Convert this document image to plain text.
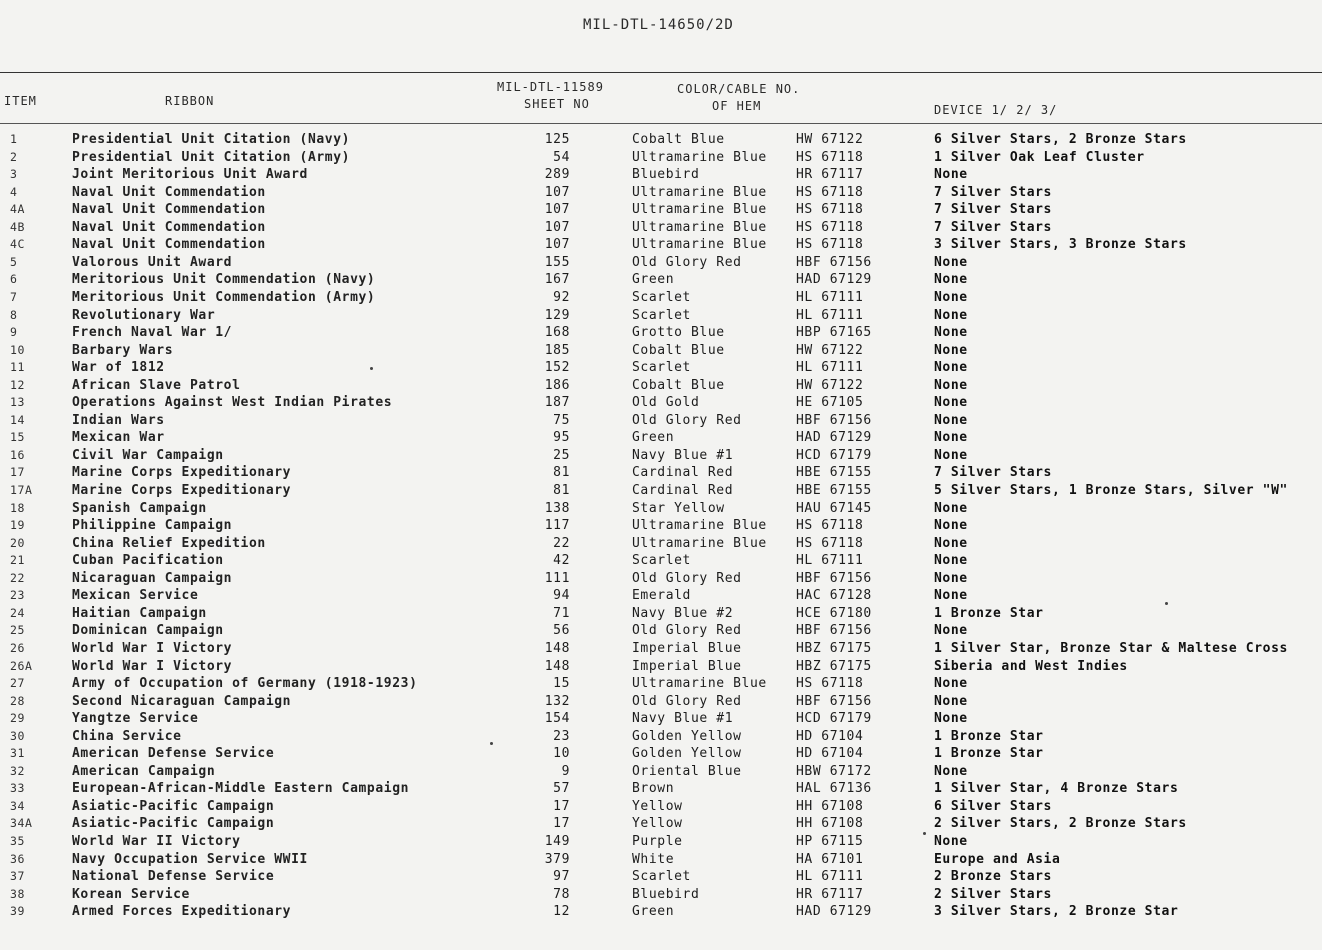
MIL-DTL-14650/2D
ITEM	RIBBON
MIL-DTL-11589
SHEET NO
COLOR/CABLE NO.
OF HEM	DEVICE 1/ 2/ 3/
1	Presidential Unit Citation (Navy)	125	Cobalt Blue	HW 67122	6 Silver Stars, 2 Bronze Stars
2	Presidential Unit Citation (Army)	54	Ultramarine Blue HS 67118	1 Silver Oak Leaf Cluster
3	Joint Meritorious Unit Award	289	Bluebird	HR 67117	None
4	Naval Unit Commendation	107	Ultramarine Blue HS 67118	7 Silver Stars
4A	Naval Unit Commendation	107	Ultramarine Blue HS 67118	7 Silver Stars
4B	Naval Unit Commendation	107	Ultramarine Blue HS 67118	7 Silver Stars
4C	Naval Unit Commendation	107	Ultramarine Blue HS 67118	3 Silver Stars, 3 Bronze Stars
5	Valorous Unit Award	155	Old Glory Red	HBF 67156	None
6	Meritorious Unit Commendation (Navy)	167	Green	HAD 67129	None
7	Meritorious Unit Commendation (Army)	92	Scarlet	HL 67111	None
8	Revolutionary War	129	Scarlet	HL 67111	None
9	French Naval War 1/	168	Grotto Blue	HBP 67165	None
10	Barbary Wars	185	Cobalt Blue	HW 67122	None
11	War of 1812	152	Scarlet	HL 67111	None
12	African Slave Patrol	186	Cobalt Blue	HW 67122	None
13	Operations Against West Indian Pirates	187	Old Gold	HE 67105	None
14	Indian Wars	75	Old Glory Red	HBF 67156	None
15	Mexican War	95	Green	HAD 67129	None
16	Civil War Campaign	25	Navy Blue #1	HCD 67179	None
17	Marine Corps Expeditionary	81	Cardinal Red	HBE 67155	7 Silver Stars
17A	Marine Corps Expeditionary	81	Cardinal Red	HBE 67155	5 Silver Stars, 1 Bronze Stars, Silver "W"
18	Spanish Campaign	138	Star Yellow	HAU 67145	None
19	Philippine Campaign	117	Ultramarine Blue HS 67118	None
20	China Relief Expedition	22	Ultramarine Blue HS 67118	None
21	Cuban Pacification	42	Scarlet	HL 67111	None
22	Nicaraguan Campaign	111	Old Glory Red	HBF 67156	None
23	Mexican Service	94	Emerald	HAC 67128	None
24	Haitian Campaign	71	Navy Blue #2	HCE 67180	1 Bronze Star
25	Dominican Campaign	56	Old Glory Red	HBF 67156	None
26	World War I Victory	148	Imperial Blue	HBZ 67175	1 Silver Star, Bronze Star & Maltese Cross
26A	World War I Victory	148	Imperial Blue	HBZ 67175	Siberia and West Indies
27	Army of Occupation of Germany (1918-1923)	15	Ultramarine Blue HS 67118	None
28	Second Nicaraguan Campaign	132	Old Glory Red	HBF 67156	None
29	Yangtze Service	154	Navy Blue #1	HCD 67179	None
30	China Service	23	Golden Yellow	HD 67104	1 Bronze Star
31	American Defense Service	10	Golden Yellow	HD 67104	1 Bronze Star
32	American Campaign	9	Oriental Blue	HBW 67172	None
33	European-African-Middle Eastern Campaign	57	Brown	HAL 67136	1 Silver Star, 4 Bronze Stars
34	Asiatic-Pacific Campaign	17	Yellow	HH 67108	6 Silver Stars
34A	Asiatic-Pacific Campaign	17	Yellow	HH 67108	2 Silver Stars, 2 Bronze Stars
35	World War II Victory	149	Purple	HP 67115	None
36	Navy Occupation Service WWII	379	White	HA 67101	Europe and Asia
37	National Defense Service	97	Scarlet	HL 67111	2 Bronze Stars
38	Korean Service	78	Bluebird	HR 67117	2 Silver Stars
39	Armed Forces Expeditionary	12	Green	HAD 67129	3 Silver Stars, 2 Bronze Star
